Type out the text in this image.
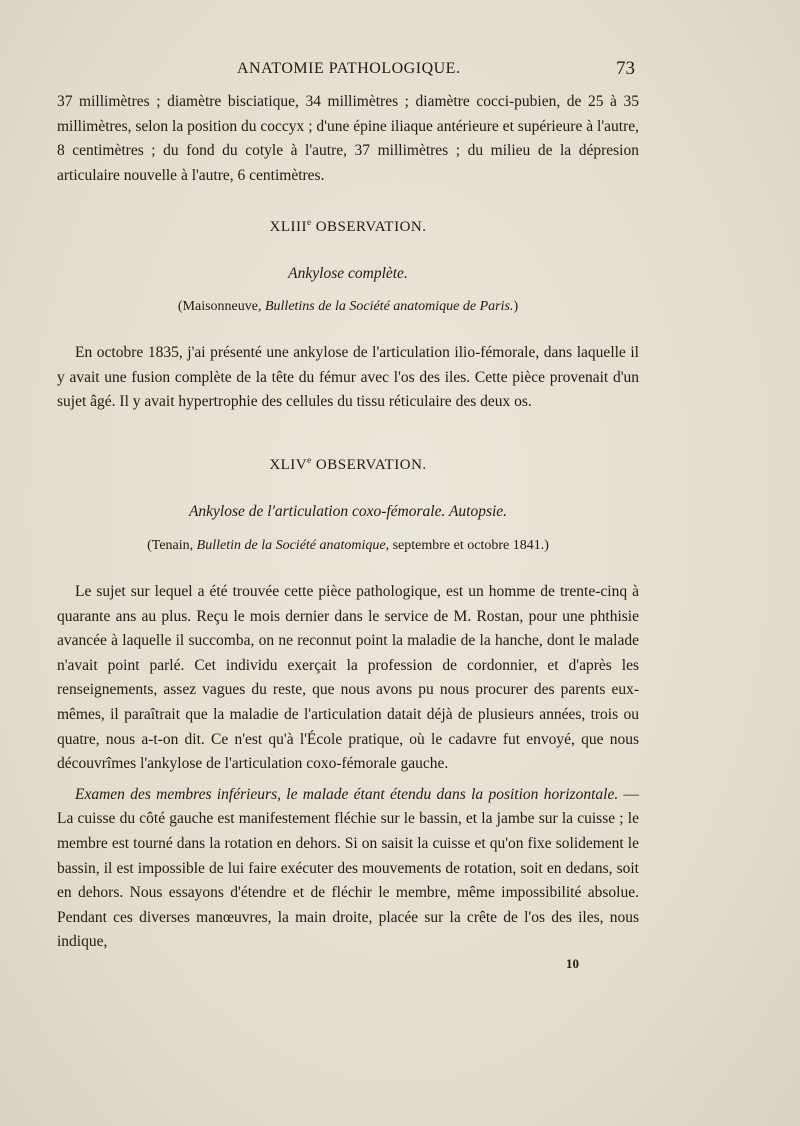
ANATOMIE PATHOLOGIQUE.	73

37 millimètres ; diamètre bisciatique, 34 millimètres ; diamètre cocci-pubien, de 25 à 35 millimètres, selon la position du coccyx ; d'une épine iliaque antérieure et supérieure à l'autre, 8 centimètres ; du fond du cotyle à l'autre, 37 millimètres ; du milieu de la dépresion articulaire nouvelle à l'autre, 6 centimètres.

XLIIIe OBSERVATION.
Ankylose complète.
(Maisonneuve, Bulletins de la Société anatomique de Paris.)

En octobre 1835, j'ai présenté une ankylose de l'articulation ilio-fémorale, dans laquelle il y avait une fusion complète de la tête du fémur avec l'os des iles. Cette pièce provenait d'un sujet âgé. Il y avait hypertrophie des cellules du tissu réticulaire des deux os.

XLIVe OBSERVATION.
Ankylose de l'articulation coxo-fémorale. Autopsie.
(Tenain, Bulletin de la Société anatomique, septembre et octobre 1841.)

Le sujet sur lequel a été trouvée cette pièce pathologique, est un homme de trente-cinq à quarante ans au plus. Reçu le mois dernier dans le service de M. Rostan, pour une phthisie avancée à laquelle il succomba, on ne reconnut point la maladie de la hanche, dont le malade n'avait point parlé. Cet individu exerçait la profession de cordonnier, et d'après les renseignements, assez vagues du reste, que nous avons pu nous procurer des parents eux-mêmes, il paraîtrait que la maladie de l'articulation datait déjà de plusieurs années, trois ou quatre, nous a-t-on dit. Ce n'est qu'à l'École pratique, où le cadavre fut envoyé, que nous découvrîmes l'ankylose de l'articulation coxo-fémorale gauche.

Examen des membres inférieurs, le malade étant étendu dans la position horizontale. — La cuisse du côté gauche est manifestement fléchie sur le bassin, et la jambe sur la cuisse ; le membre est tourné dans la rotation en dehors. Si on saisit la cuisse et qu'on fixe solidement le bassin, il est impossible de lui faire exécuter des mouvements de rotation, soit en dedans, soit en dehors. Nous essayons d'étendre et de fléchir le membre, même impossibilité absolue. Pendant ces diverses manœuvres, la main droite, placée sur la crête de l'os des iles, nous indique,

10
